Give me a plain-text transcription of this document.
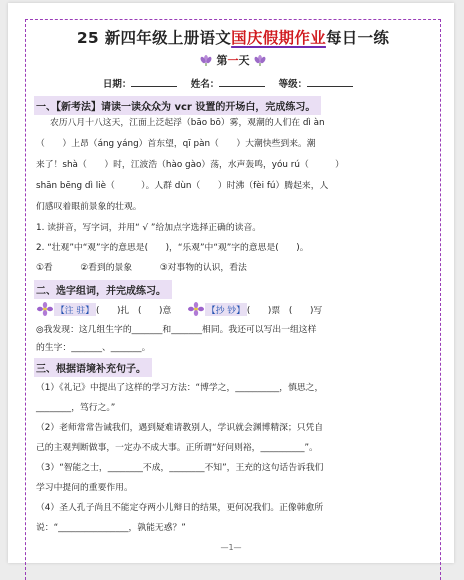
25 新四年级上册语文国庆假期作业每日一练
第一天
日期：	姓名：	等级：
一、【新考法】请读一读众众为 vcr 设置的开场白，完成练习。
农历八月十八这天，江面上泛起浮（bāo bō）雾，观潮的人们在 dì àn
（　　）上昂（áng yáng）首东望，qī pàn（　　）大潮快些到来。潮
来了！shà（　　）时，江波浩（hào gào）荡，水声轰鸣，yóu rú（　　　）
shān bēng dì liè（　　　）。人群 dùn（　　）时沸（fèi fú）腾起来，人
们感叹着眼前景象的壮观。
1. 读拼音，写字词，并用“ √ ”给加点字选择正确的读音。
2. “壮观”中“观”字的意思是(　　)，“乐观”中“观”字的意思是(　　)。
①看	②看到的景象	③对事物的认识，看法
二、选字组词，并完成练习。
【注 驻】 (　　)扎　(　　)意	【抄 钞】 (　　)票　(　　)写
◎我发现：这几组生字的_______和_______相同。我还可以写出一组这样
的生字：_______、_______。
三、根据语境补充句子。
（1）《礼记》中提出了这样的学习方法：“博学之，__________，慎思之，
________，笃行之。”
（2）老师常常告诫我们，遇到疑难请教别人，学识就会渊博精深；只凭自
己的主观判断做事，一定办不成大事。正所谓“好问则裕，__________”。
（3）“智能之士，________不成，________不知”，王充的这句话告诉我们
学习中提问的重要作用。
（4）圣人孔子尚且不能定夺两小儿辩日的结果，更何况我们。正像韩愈所
说：“________________，孰能无惑？”
—1—
